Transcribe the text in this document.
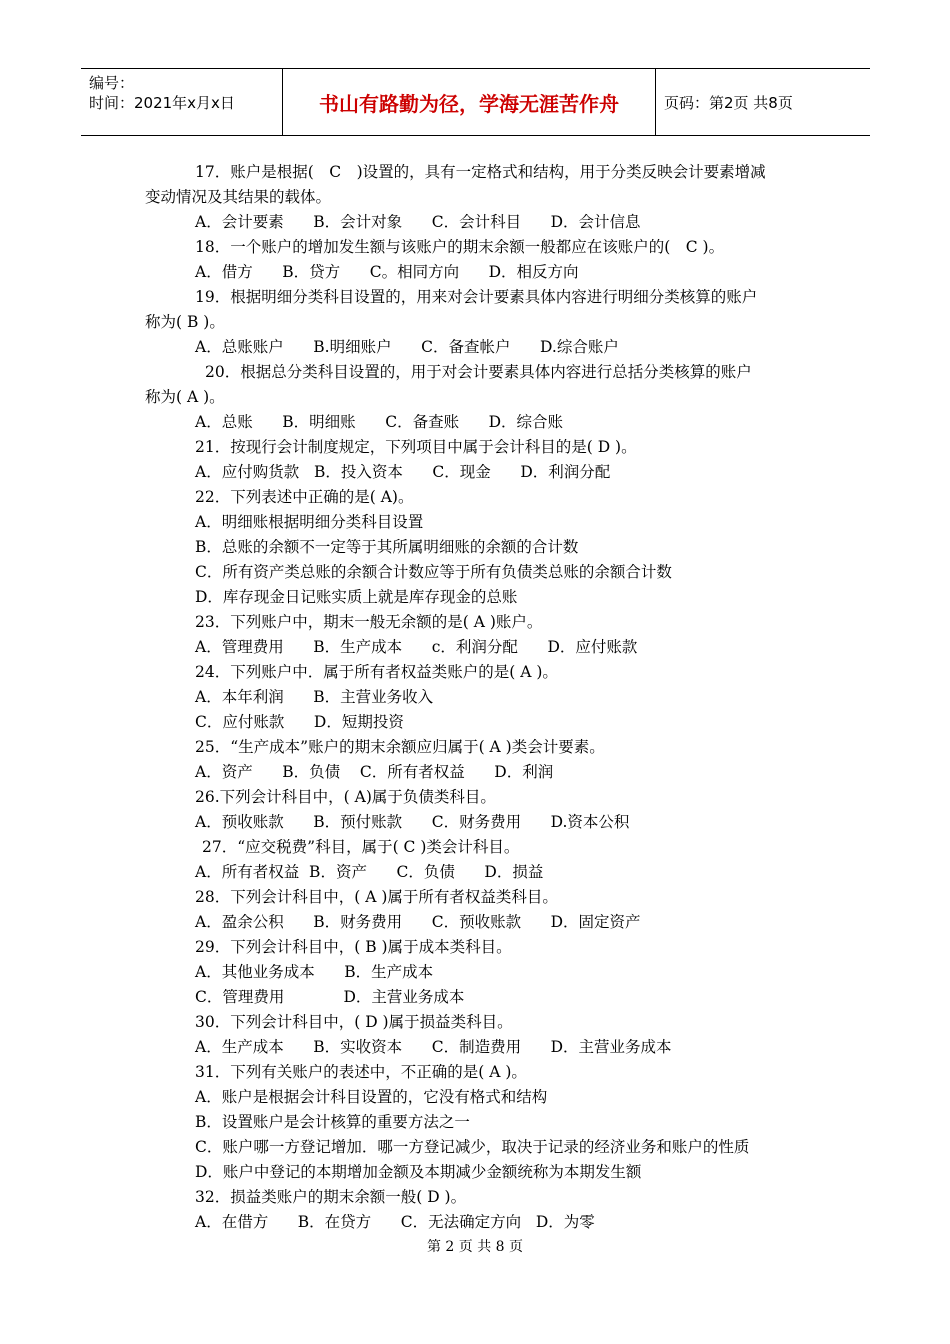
编号：
时间：2021年x月x日	书山有路勤为径，学海无涯苦作舟	页码：第2页 共8页
17．账户是根据(　C　)设置的，具有一定格式和结构，用于分类反映会计要素增减
变动情况及其结果的载体。
A．会计要素      B．会计对象      C．会计科目      D．会计信息
18．一个账户的增加发生额与该账户的期末余额一般都应在该账户的(　C )。
A．借方      B．贷方      C。相同方向      D．相反方向
19．根据明细分类科目设置的，用来对会计要素具体内容进行明细分类核算的账户
称为( B )。
A．总账账户      B.明细账户      C．备查帐户      D.综合账户
20．根据总分类科目设置的，用于对会计要素具体内容进行总括分类核算的账户
称为( A )。
A．总账      B．明细账      C．备查账      D．综合账
21．按现行会计制度规定，下列项目中属于会计科目的是( D )。
A．应付购货款   B．投入资本      C．现金      D．利润分配
22．下列表述中正确的是( A)。
A．明细账根据明细分类科目设置
B．总账的余额不一定等于其所属明细账的余额的合计数
C．所有资产类总账的余额合计数应等于所有负债类总账的余额合计数
D．库存现金日记账实质上就是库存现金的总账
23．下列账户中，期末一般无余额的是( A )账户。
A．管理费用      B．生产成本      c．利润分配      D．应付账款
24．下列账户中．属于所有者权益类账户的是( A )。
A．本年利润      B．主营业务收入
C．应付账款      D．短期投资
25．“生产成本”账户的期末余额应归属于( A )类会计要素。
A．资产      B．负债    C．所有者权益      D．利润
26.下列会计科目中，( A)属于负债类科目。
A．预收账款      B．预付账款      C．财务费用      D.资本公积
27．“应交税费”科目，属于( C )类会计科目。
A．所有者权益  B．资产      C．负债      D．损益
28．下列会计科目中，( A )属于所有者权益类科目。
A．盈余公积      B．财务费用      C．预收账款      D．固定资产
29．下列会计科目中，( B )属于成本类科目。
A．其他业务成本      B．生产成本
C．管理费用            D．主营业务成本
30．下列会计科目中，( D )属于损益类科目。
A．生产成本      B．实收资本      C．制造费用      D．主营业务成本
31．下列有关账户的表述中，不正确的是( A )。
A．账户是根据会计科目设置的，它没有格式和结构
B．设置账户是会计核算的重要方法之一
C．账户哪一方登记增加．哪一方登记减少，取决于记录的经济业务和账户的性质
D．账户中登记的本期增加金额及本期减少金额统称为本期发生额
32．损益类账户的期末余额一般( D )。
A．在借方      B．在贷方      C．无法确定方向   D．为零
第 2 页 共 8 页
